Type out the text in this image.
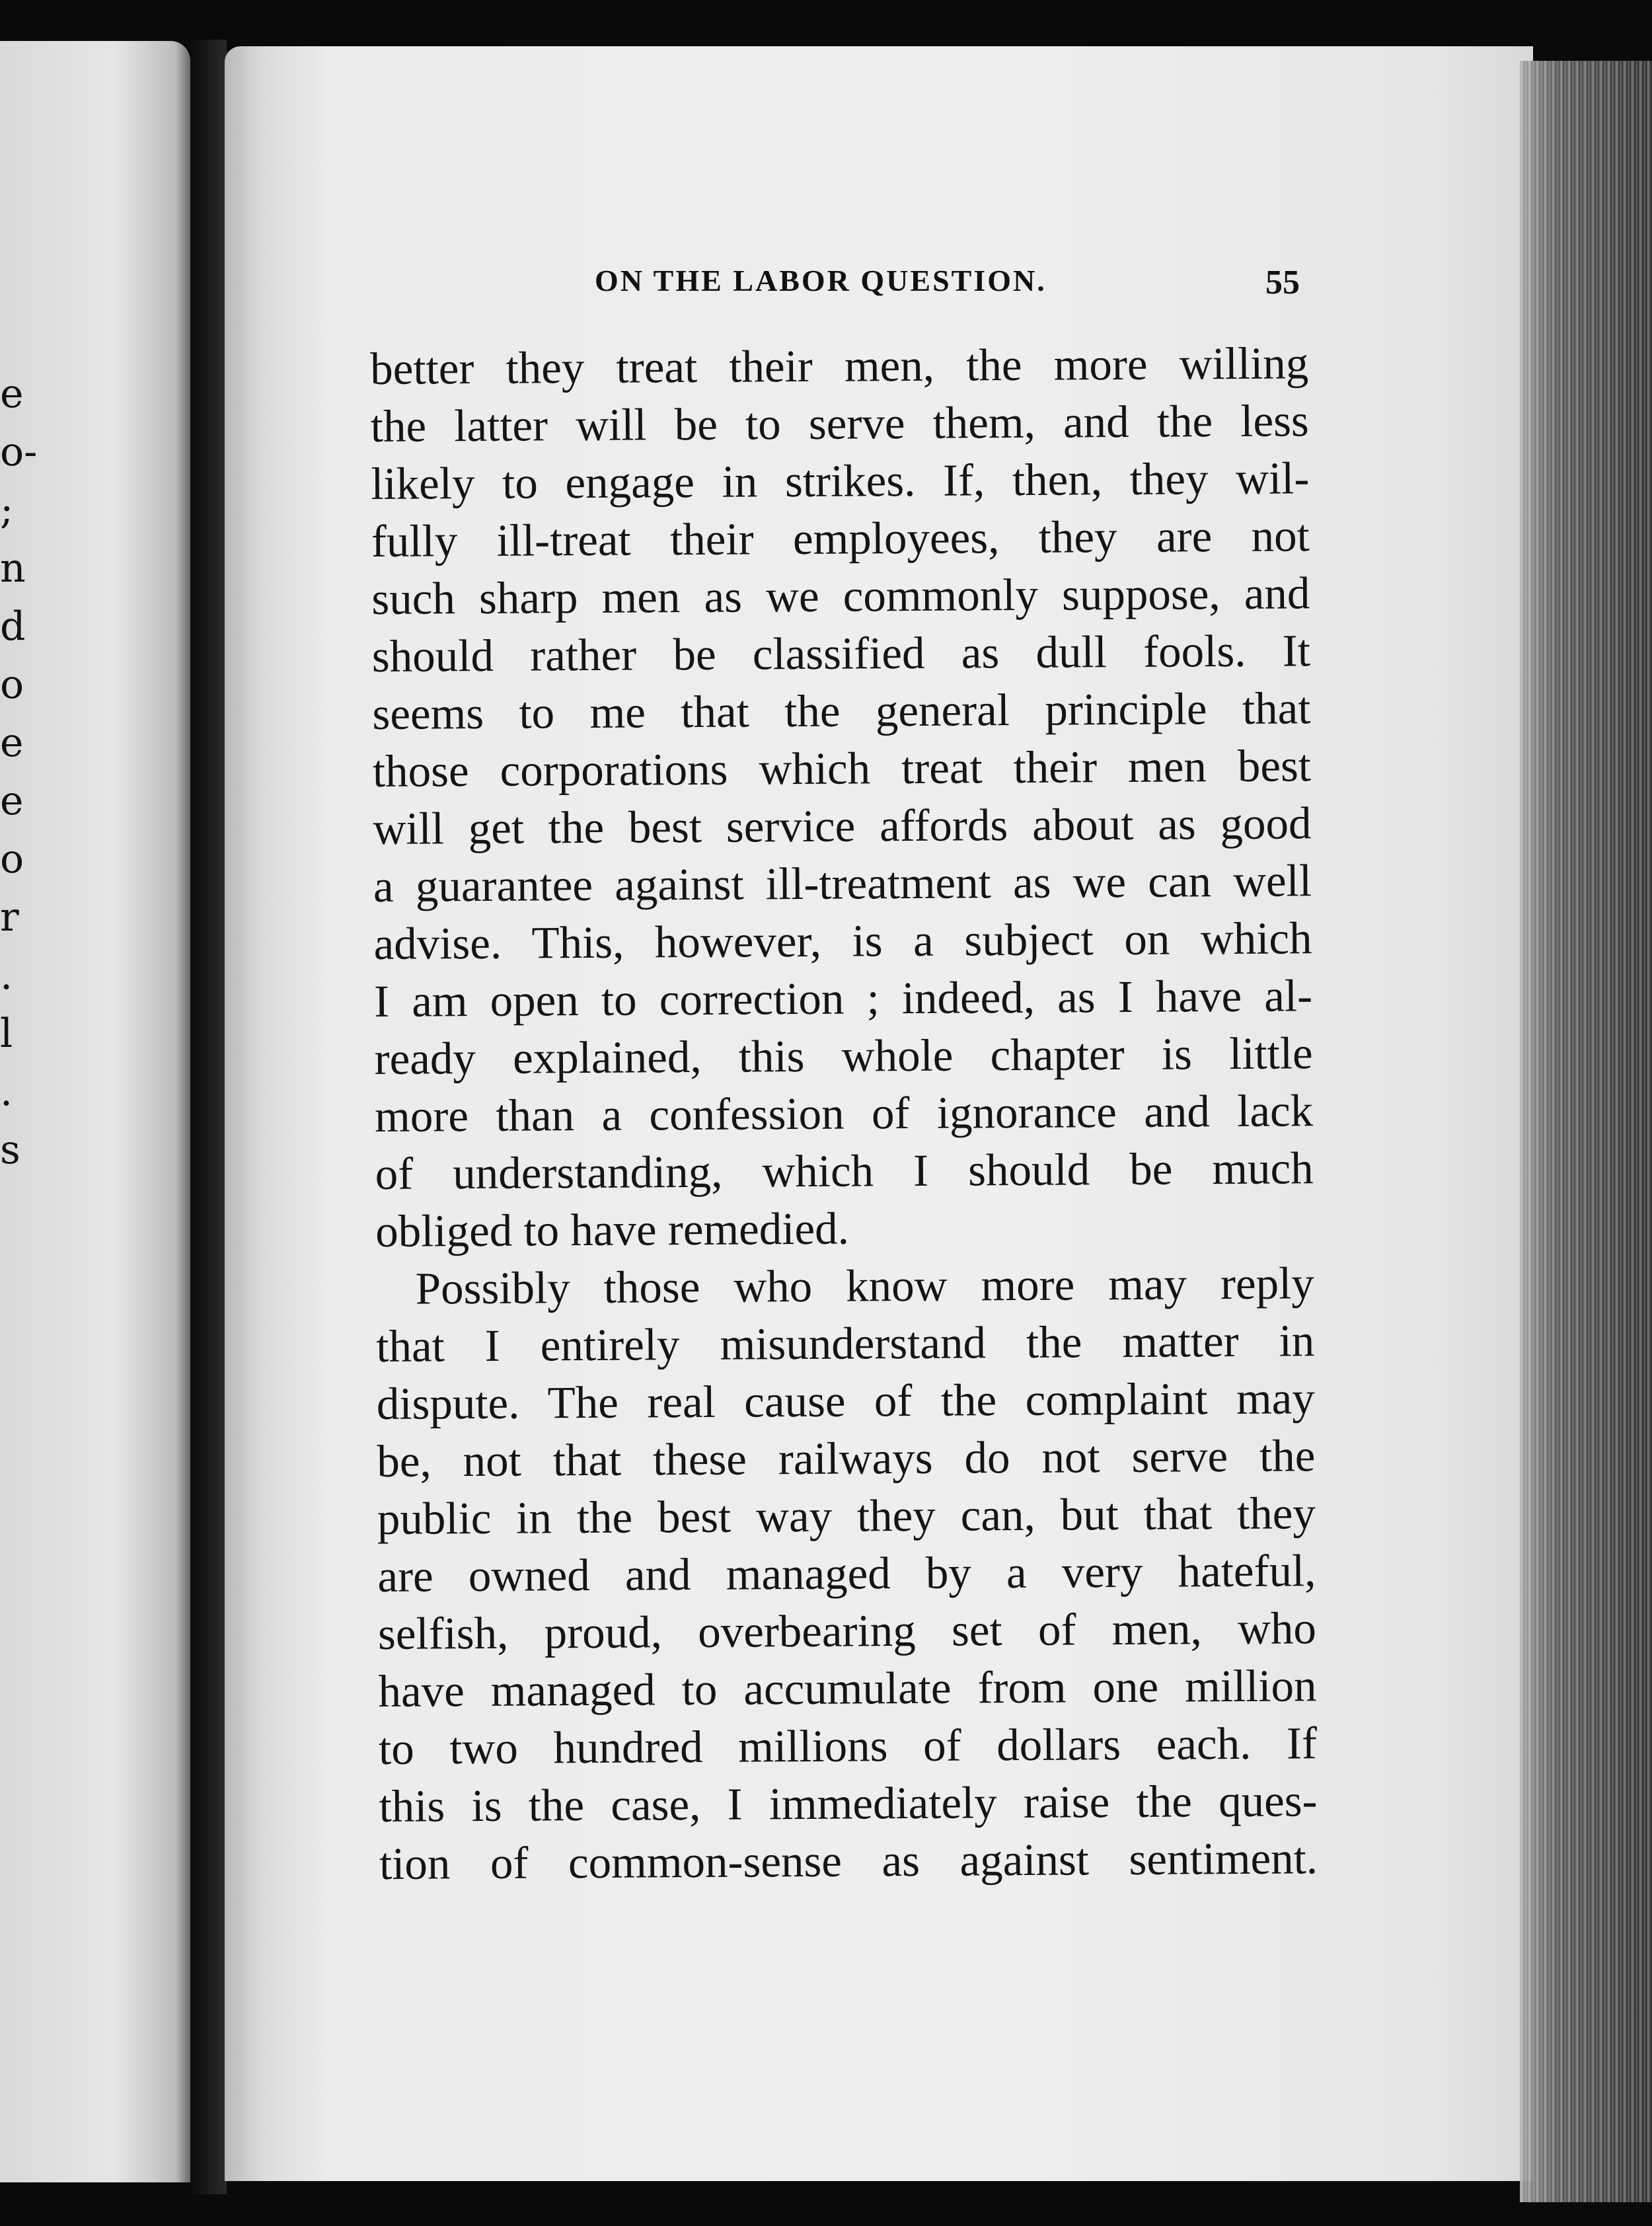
e
o-
;
n
d
o
e
e
o
r
.
l
.
s
ON THE LABOR QUESTION.	55
better they treat their men, the more willing
the latter will be to serve them, and the less
likely to engage in strikes. If, then, they wil-
fully ill-treat their employees, they are not
such sharp men as we commonly suppose, and
should rather be classified as dull fools. It
seems to me that the general principle that
those corporations which treat their men best
will get the best service affords about as good
a guarantee against ill-treatment as we can well
advise. This, however, is a subject on which
I am open to correction ; indeed, as I have al-
ready explained, this whole chapter is little
more than a confession of ignorance and lack
of understanding, which I should be much
obliged to have remedied.
Possibly those who know more may reply
that I entirely misunderstand the matter in
dispute. The real cause of the complaint may
be, not that these railways do not serve the
public in the best way they can, but that they
are owned and managed by a very hateful,
selfish, proud, overbearing set of men, who
have managed to accumulate from one million
to two hundred millions of dollars each. If
this is the case, I immediately raise the ques-
tion of common-sense as against sentiment.
